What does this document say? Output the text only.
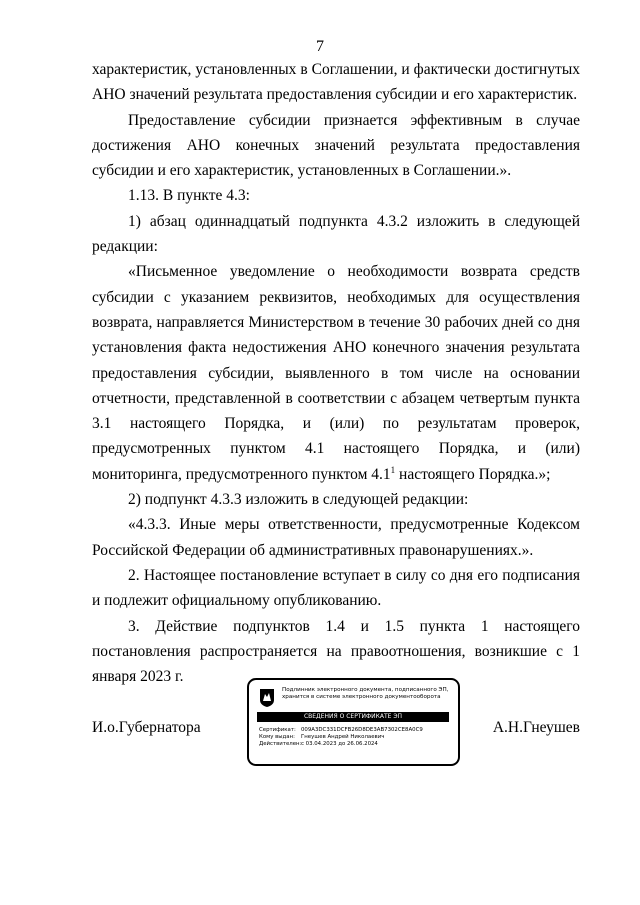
7

характеристик, установленных в Соглашении, и фактически достигнутых АНО значений результата предоставления субсидии и его характеристик.

Предоставление субсидии признается эффективным в случае достижения АНО конечных значений результата предоставления субсидии и его характеристик, установленных в Соглашении.».

1.13. В пункте 4.3:

1) абзац одиннадцатый подпункта 4.3.2 изложить в следующей редакции:

«Письменное уведомление о необходимости возврата средств субсидии с указанием реквизитов, необходимых для осуществления возврата, направляется Министерством в течение 30 рабочих дней со дня установления факта недостижения АНО конечного значения результата предоставления субсидии, выявленного в том числе на основании отчетности, представленной в соответствии с абзацем четвертым пункта 3.1 настоящего Порядка, и (или) по результатам проверок, предусмотренных пунктом 4.1 настоящего Порядка, и (или) мониторинга, предусмотренного пунктом $4.1^1$ настоящего Порядка.»;

2) подпункт 4.3.3 изложить в следующей редакции:

«4.3.3. Иные меры ответственности, предусмотренные Кодексом Российской Федерации об административных правонарушениях.».

2. Настоящее постановление вступает в силу со дня его подписания и подлежит официальному опубликованию.

3. Действие подпунктов 1.4 и 1.5 пункта 1 настоящего постановления распространяется на правоотношения, возникшие с 1 января 2023 г.

И.о.Губернатора	А.Н.Гнеушев
Подлинник электронного документа, подписанного ЭП,
хранится в системе электронного документооборота
СВЕДЕНИЯ О СЕРТИФИКАТЕ ЭП
Сертификат: 009A3DC331DCFB26D8DE3AB7302CE8A0C9
Кому выдан: Гнеушев Андрей Николаевич
Действителен:с 03.04.2023 до 26.06.2024
